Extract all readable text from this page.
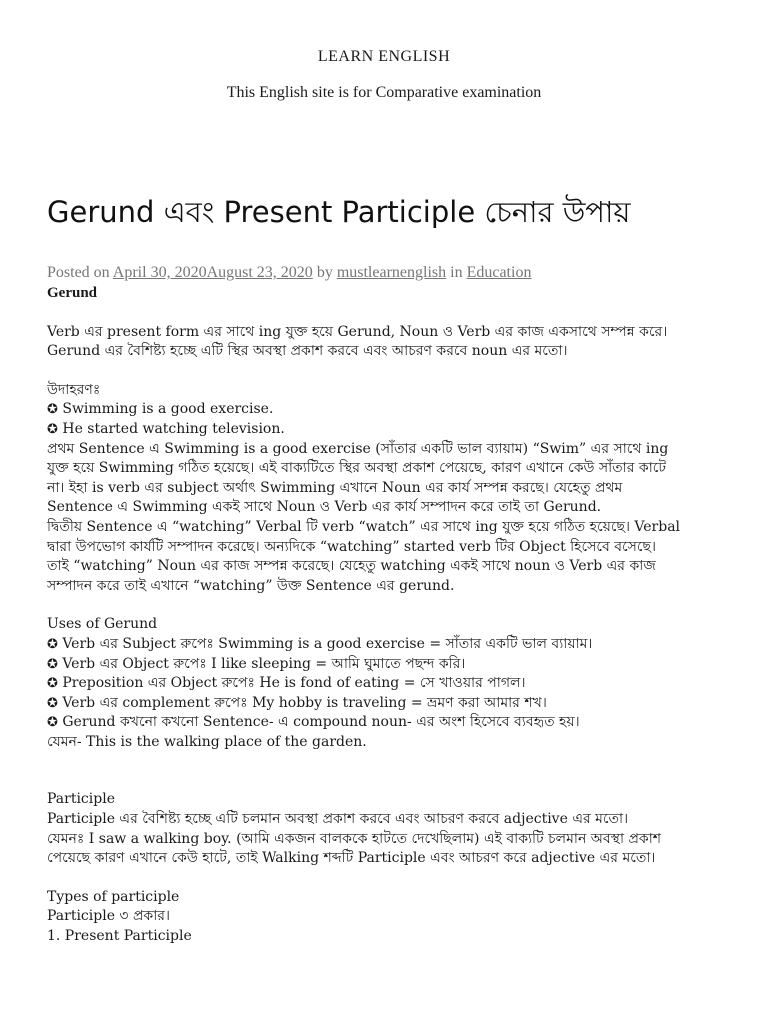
LEARN ENGLISH
This English site is for Comparative examination
Gerund এবং Present Participle চেনার উপায়
Posted on April 30, 2020August 23, 2020 by mustlearnenglish in Education

Gerund

Verb এর present form এর সাথে ing যুক্ত হয়ে Gerund, Noun ও Verb এর কাজ একসাথে সম্পন্ন করে।

Gerund এর বৈশিষ্ট্য হচ্ছে এটি স্থির অবস্থা প্রকাশ করবে এবং আচরণ করবে noun এর মতো।

উদাহরণঃ

✪ Swimming is a good exercise.

✪ He started watching television.

প্রথম Sentence এ Swimming is a good exercise (সাঁতার একটি ভাল ব্যায়াম) “Swim” এর সাথে ing

যুক্ত হয়ে Swimming গঠিত হয়েছে। এই বাক্যটিতে স্থির অবস্থা প্রকাশ পেয়েছে, কারণ এখানে কেউ সাঁতার কাটে

না। ইহা is verb এর subject অর্থাৎ Swimming এখানে Noun এর কার্য সম্পন্ন করছে। যেহেতু প্রথম

Sentence এ Swimming একই সাথে Noun ও Verb এর কার্য সম্পাদন করে তাই তা Gerund.

দ্বিতীয় Sentence এ “watching” Verbal টি verb “watch” এর সাথে ing যুক্ত হয়ে গঠিত হয়েছে। Verbal

দ্বারা উপভোগ কার্যটি সম্পাদন করেছে। অন্যদিকে “watching” started verb টির Object হিসেবে বসেছে।

তাই “watching” Noun এর কাজ সম্পন্ন করেছে। যেহেতু watching একই সাথে noun ও Verb এর কাজ

সম্পাদন করে তাই এখানে “watching” উক্ত Sentence এর gerund.

Uses of Gerund

✪ Verb এর Subject রুপেঃ Swimming is a good exercise = সাঁতার একটি ভাল ব্যায়াম।

✪ Verb এর Object রুপেঃ I like sleeping = আমি ঘুমাতে পছন্দ করি।

✪ Preposition এর Object রুপেঃ He is fond of eating = সে খাওয়ার পাগল।

✪ Verb এর complement রুপেঃ My hobby is traveling = ভ্রমণ করা আমার শখ।

✪ Gerund কখনো কখনো Sentence- এ compound noun- এর অংশ হিসেবে ব্যবহৃত হয়।

যেমন- This is the walking place of the garden.

Participle

Participle এর বৈশিষ্ট্য হচ্ছে এটি চলমান অবস্থা প্রকাশ করবে এবং আচরণ করবে adjective এর মতো।

যেমনঃ I saw a walking boy. (আমি একজন বালককে হাটতে দেখেছিলাম) এই বাক্যটি চলমান অবস্থা প্রকাশ

পেয়েছে কারণ এখানে কেউ হাটে, তাই Walking শব্দটি Participle এবং আচরণ করে adjective এর মতো।

Types of participle

Participle ৩ প্রকার।

1. Present Participle
